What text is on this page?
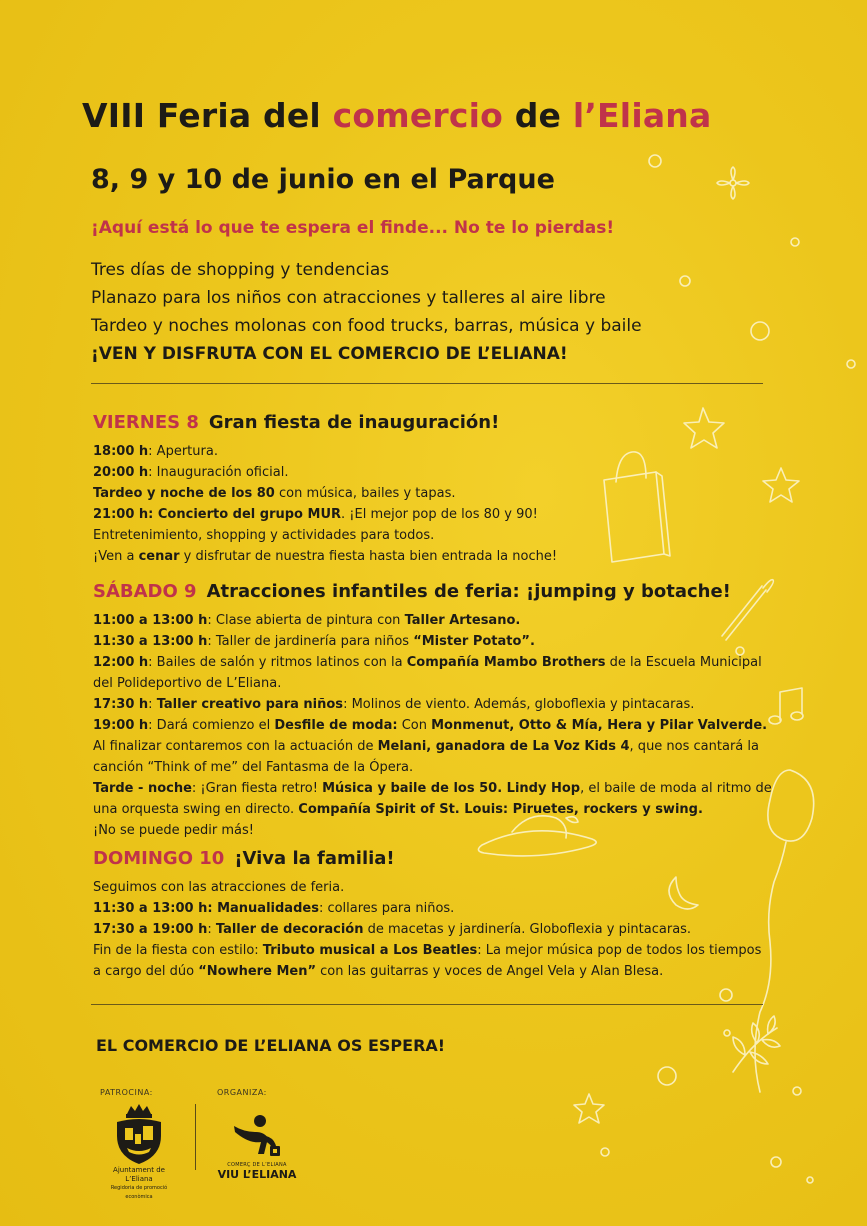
VIII Feria del comercio de l’Eliana
8, 9 y 10 de junio en el Parque
¡Aquí está lo que te espera el finde... No te lo pierdas!
Tres días de shopping y tendencias
Planazo para los niños con atracciones y talleres al aire libre
Tardeo y noches molonas con food trucks, barras, música y baile
¡VEN Y DISFRUTA CON EL COMERCIO DE L’ELIANA!
VIERNES 8 Gran fiesta de inauguración!
18:00 h: Apertura.
20:00 h: Inauguración oficial.
Tardeo y noche de los 80 con música, bailes y tapas.
21:00 h: Concierto del grupo MUR. ¡El mejor pop de los 80 y 90!
Entretenimiento, shopping y actividades para todos.
¡Ven a cenar y disfrutar de nuestra fiesta hasta bien entrada la noche!
SÁBADO 9 Atracciones infantiles de feria: ¡jumping y botache!
11:00 a 13:00 h: Clase abierta de pintura con Taller Artesano.
11:30 a 13:00 h: Taller de jardinería para niños “Mister Potato”.
12:00 h: Bailes de salón y ritmos latinos con la Compañía Mambo Brothers de la Escuela Municipal
del Polideportivo de L’Eliana.
17:30 h: Taller creativo para niños: Molinos de viento. Además, globoflexia y pintacaras.
19:00 h: Dará comienzo el Desfile de moda: Con Monmenut, Otto & Mía, Hera y Pilar Valverde.
Al finalizar contaremos con la actuación de Melani, ganadora de La Voz Kids 4, que nos cantará la
canción “Think of me” del Fantasma de la Ópera.
Tarde - noche: ¡Gran fiesta retro! Música y baile de los 50. Lindy Hop, el baile de moda al ritmo de
una orquesta swing en directo. Compañía Spirit of St. Louis: Piruetes, rockers y swing.
¡No se puede pedir más!
DOMINGO 10 ¡Viva la familia!
Seguimos con las atracciones de feria.
11:30 a 13:00 h: Manualidades: collares para niños.
17:30 a 19:00 h: Taller de decoración de macetas y jardinería. Globoflexia y pintacaras.
Fin de la fiesta con estilo: Tributo musical a Los Beatles: La mejor música pop de todos los tiempos
a cargo del dúo “Nowhere Men” con las guitarras y voces de Angel Vela y Alan Blesa.
EL COMERCIO DE L’ELIANA OS ESPERA!
PATROCINA:	ORGANIZA:
Ajuntament de L’Eliana
Regidoria de promoció econòmica
COMERÇ DE L’ELIANA
VIU L’ELIANA
